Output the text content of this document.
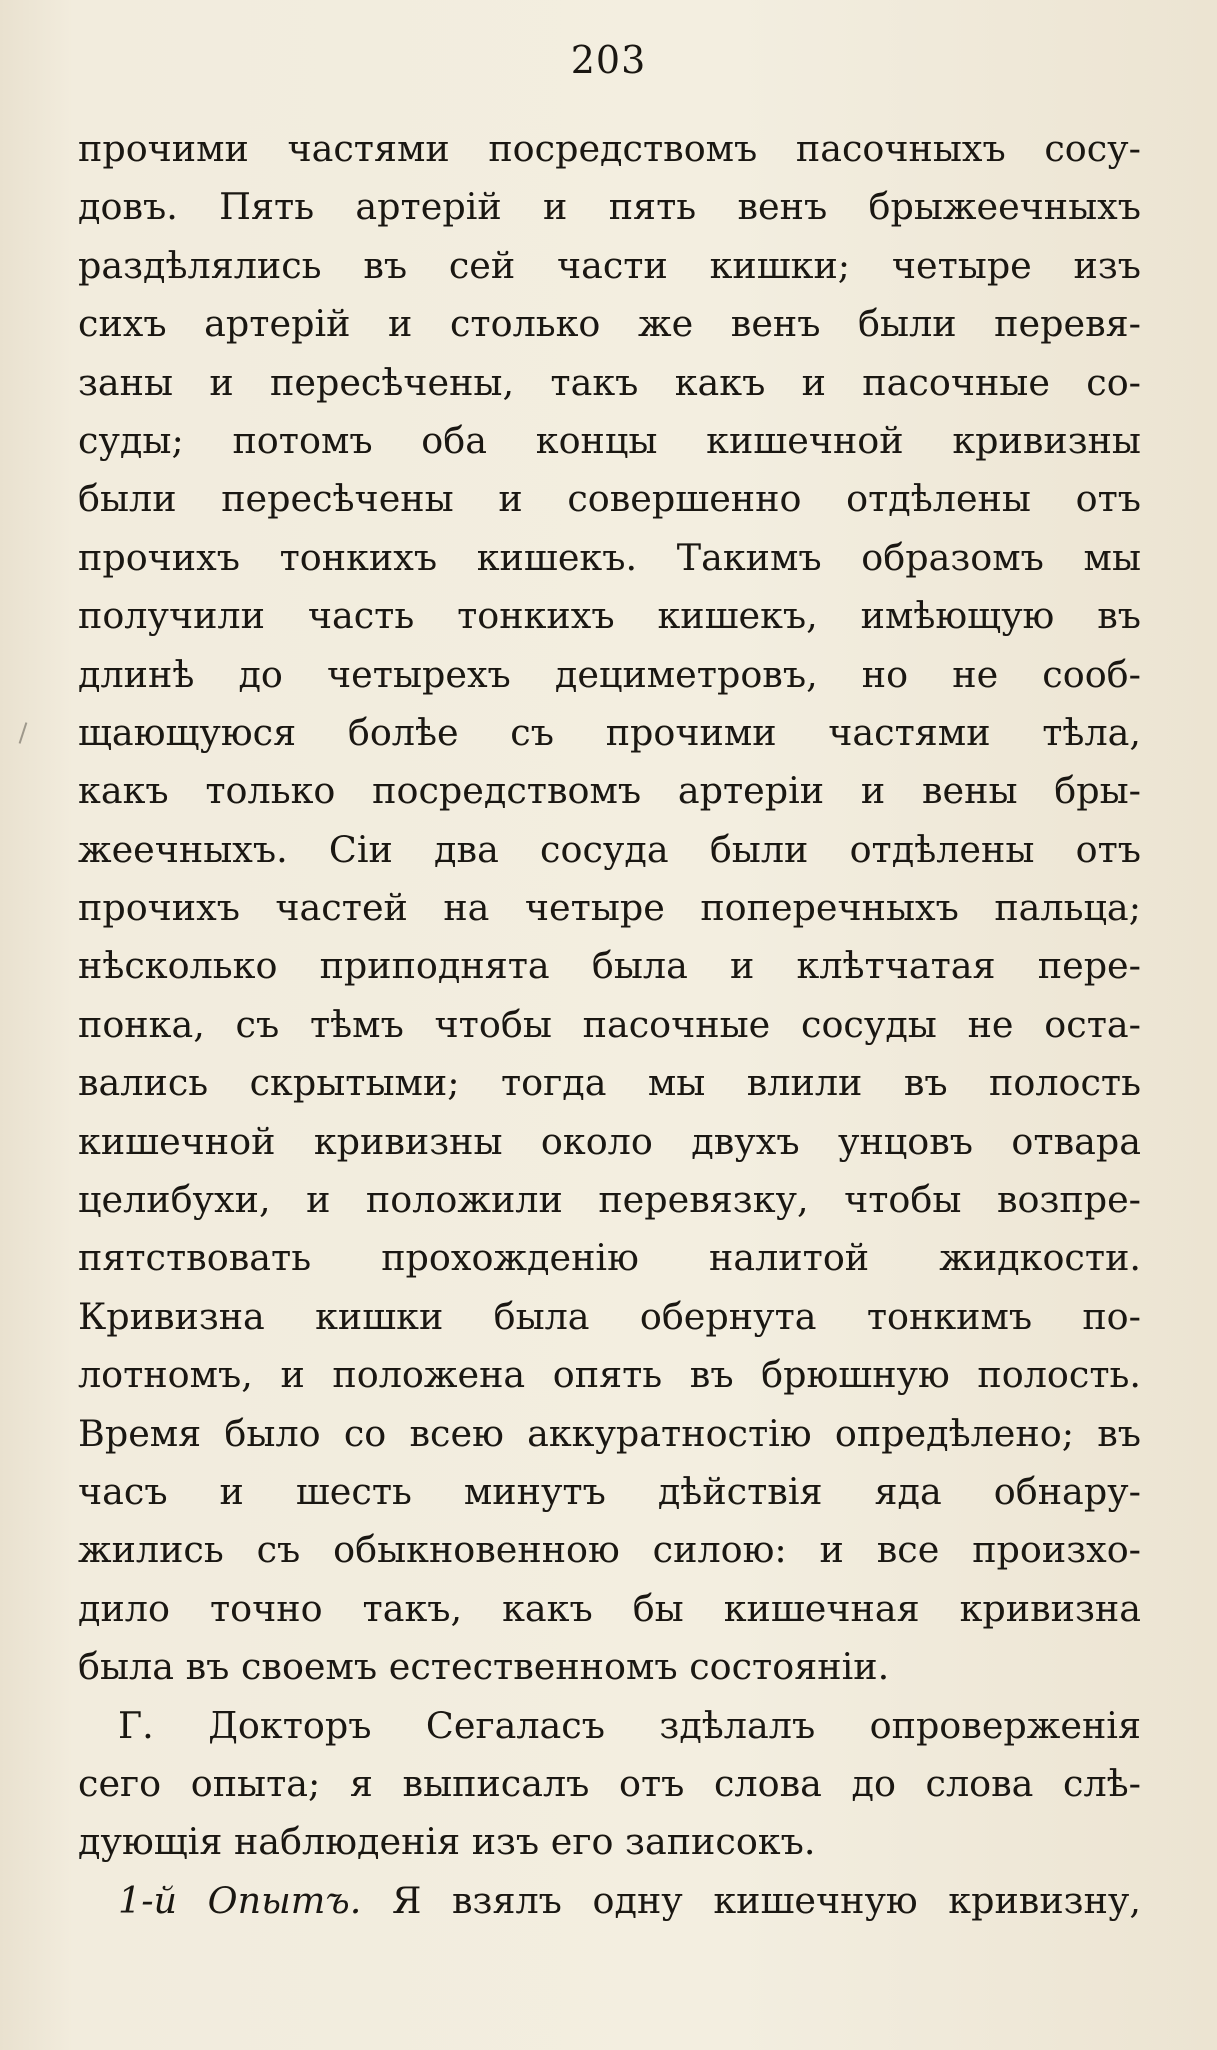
203
прочими частями посредствомъ пасочныхъ сосу-
довъ. Пять артерій и пять венъ брыжеечныхъ
раздѣлялись въ сей части кишки; четыре изъ
сихъ артерій и столько же венъ были перевя-
заны и пересѣчены, такъ какъ и пасочные со-
суды; потомъ оба концы кишечной кривизны
были пересѣчены и совершенно отдѣлены отъ
прочихъ тонкихъ кишекъ. Такимъ образомъ мы
получили часть тонкихъ кишекъ, имѣющую въ
длинѣ до четырехъ дециметровъ, но не сооб-
щающуюся болѣе съ прочими частями тѣла,
какъ только посредствомъ артеріи и вены бры-
жеечныхъ. Сіи два сосуда были отдѣлены отъ
прочихъ частей на четыре поперечныхъ пальца;
нѣсколько приподнята была и клѣтчатая пере-
понка, съ тѣмъ чтобы пасочные сосуды не оста-
вались скрытыми; тогда мы влили въ полость
кишечной кривизны около двухъ унцовъ отвара
целибухи, и положили перевязку, чтобы возпре-
пятствовать прохожденію налитой жидкости.
Кривизна кишки была обернута тонкимъ по-
лотномъ, и положена опять въ брюшную полость.
Время было со всею аккуратностію опредѣлено; въ
часъ и шесть минутъ дѣйствія яда обнару-
жились съ обыкновенною силою: и все произхо-
дило точно такъ, какъ бы кишечная кривизна
была въ своемъ естественномъ состояніи.
Г. Докторъ Сегаласъ здѣлалъ опроверженія
сего опыта; я выписалъ отъ слова до слова слѣ-
дующія наблюденія изъ его записокъ.
1-й Опытъ. Я взялъ одну кишечную кривизну,
